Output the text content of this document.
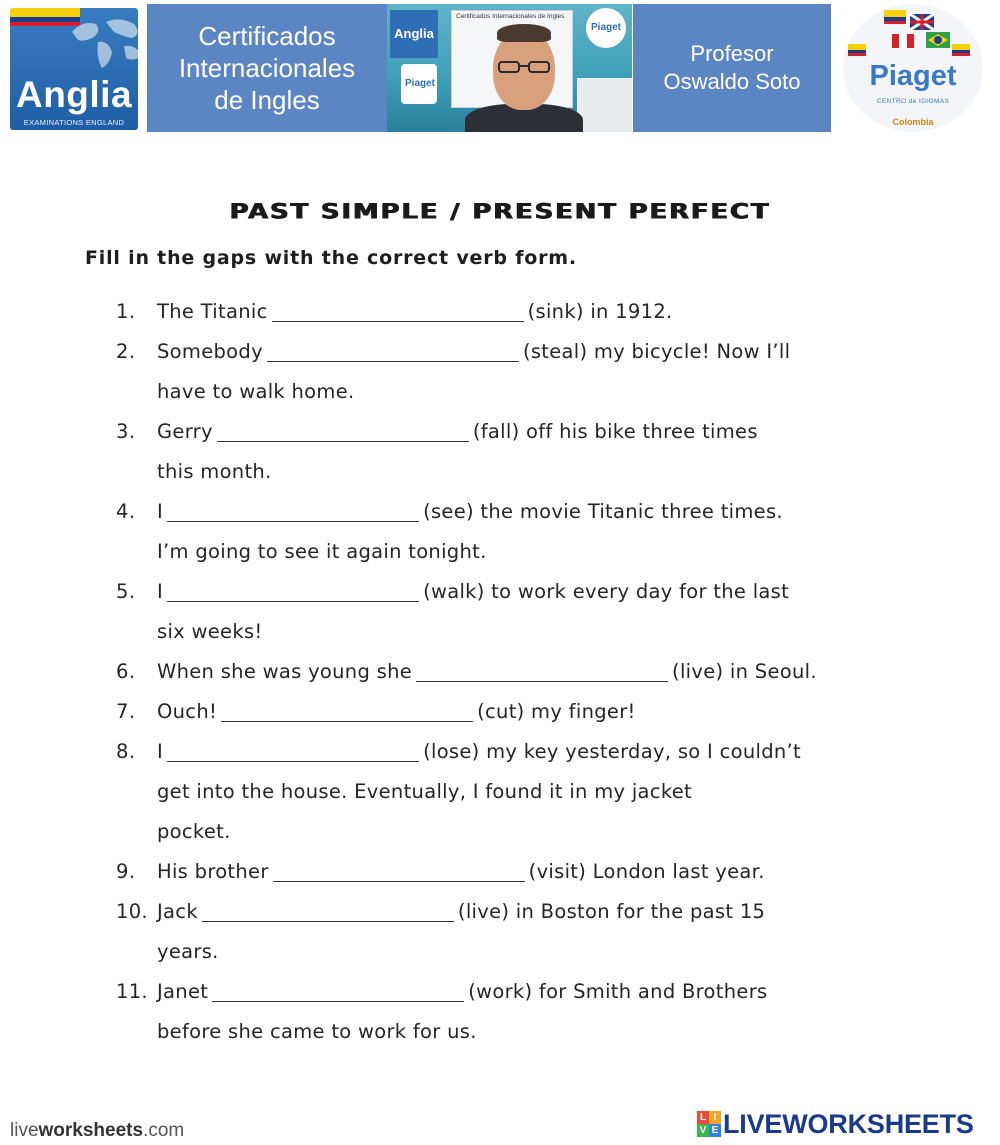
Anglia
EXAMINATIONS ENGLAND
Certificados
Internacionales
de Ingles
Certificados Internacionales de Ingles
Anglia
Piaget
Piaget
Profesor
Oswaldo Soto	Piaget
CENTRO de IDIOMAS
Colombia
PAST SIMPLE / PRESENT PERFECT
Fill in the gaps with the correct verb form.
1. The Titanic	(sink) in 1912.
2. Somebody	(steal) my bicycle! Now I’ll
have to walk home.
3. Gerry	(fall) off his bike three times
this month.
4. I	(see) the movie Titanic three times.
I’m going to see it again tonight.
5. I	(walk) to work every day for the last
six weeks!
6. When she was young she	(live) in Seoul.
7. Ouch!	(cut) my finger!
8. I	(lose) my key yesterday, so I couldn’t
get into the house. Eventually, I found it in my jacket
pocket.
9. His brother	(visit) London last year.
10. Jack	(live) in Boston for the past 15
years.
11. Janet	(work) for Smith and Brothers
before she came to work for us.
liveworksheets.com
L I
V E LIVEWORKSHEETS
